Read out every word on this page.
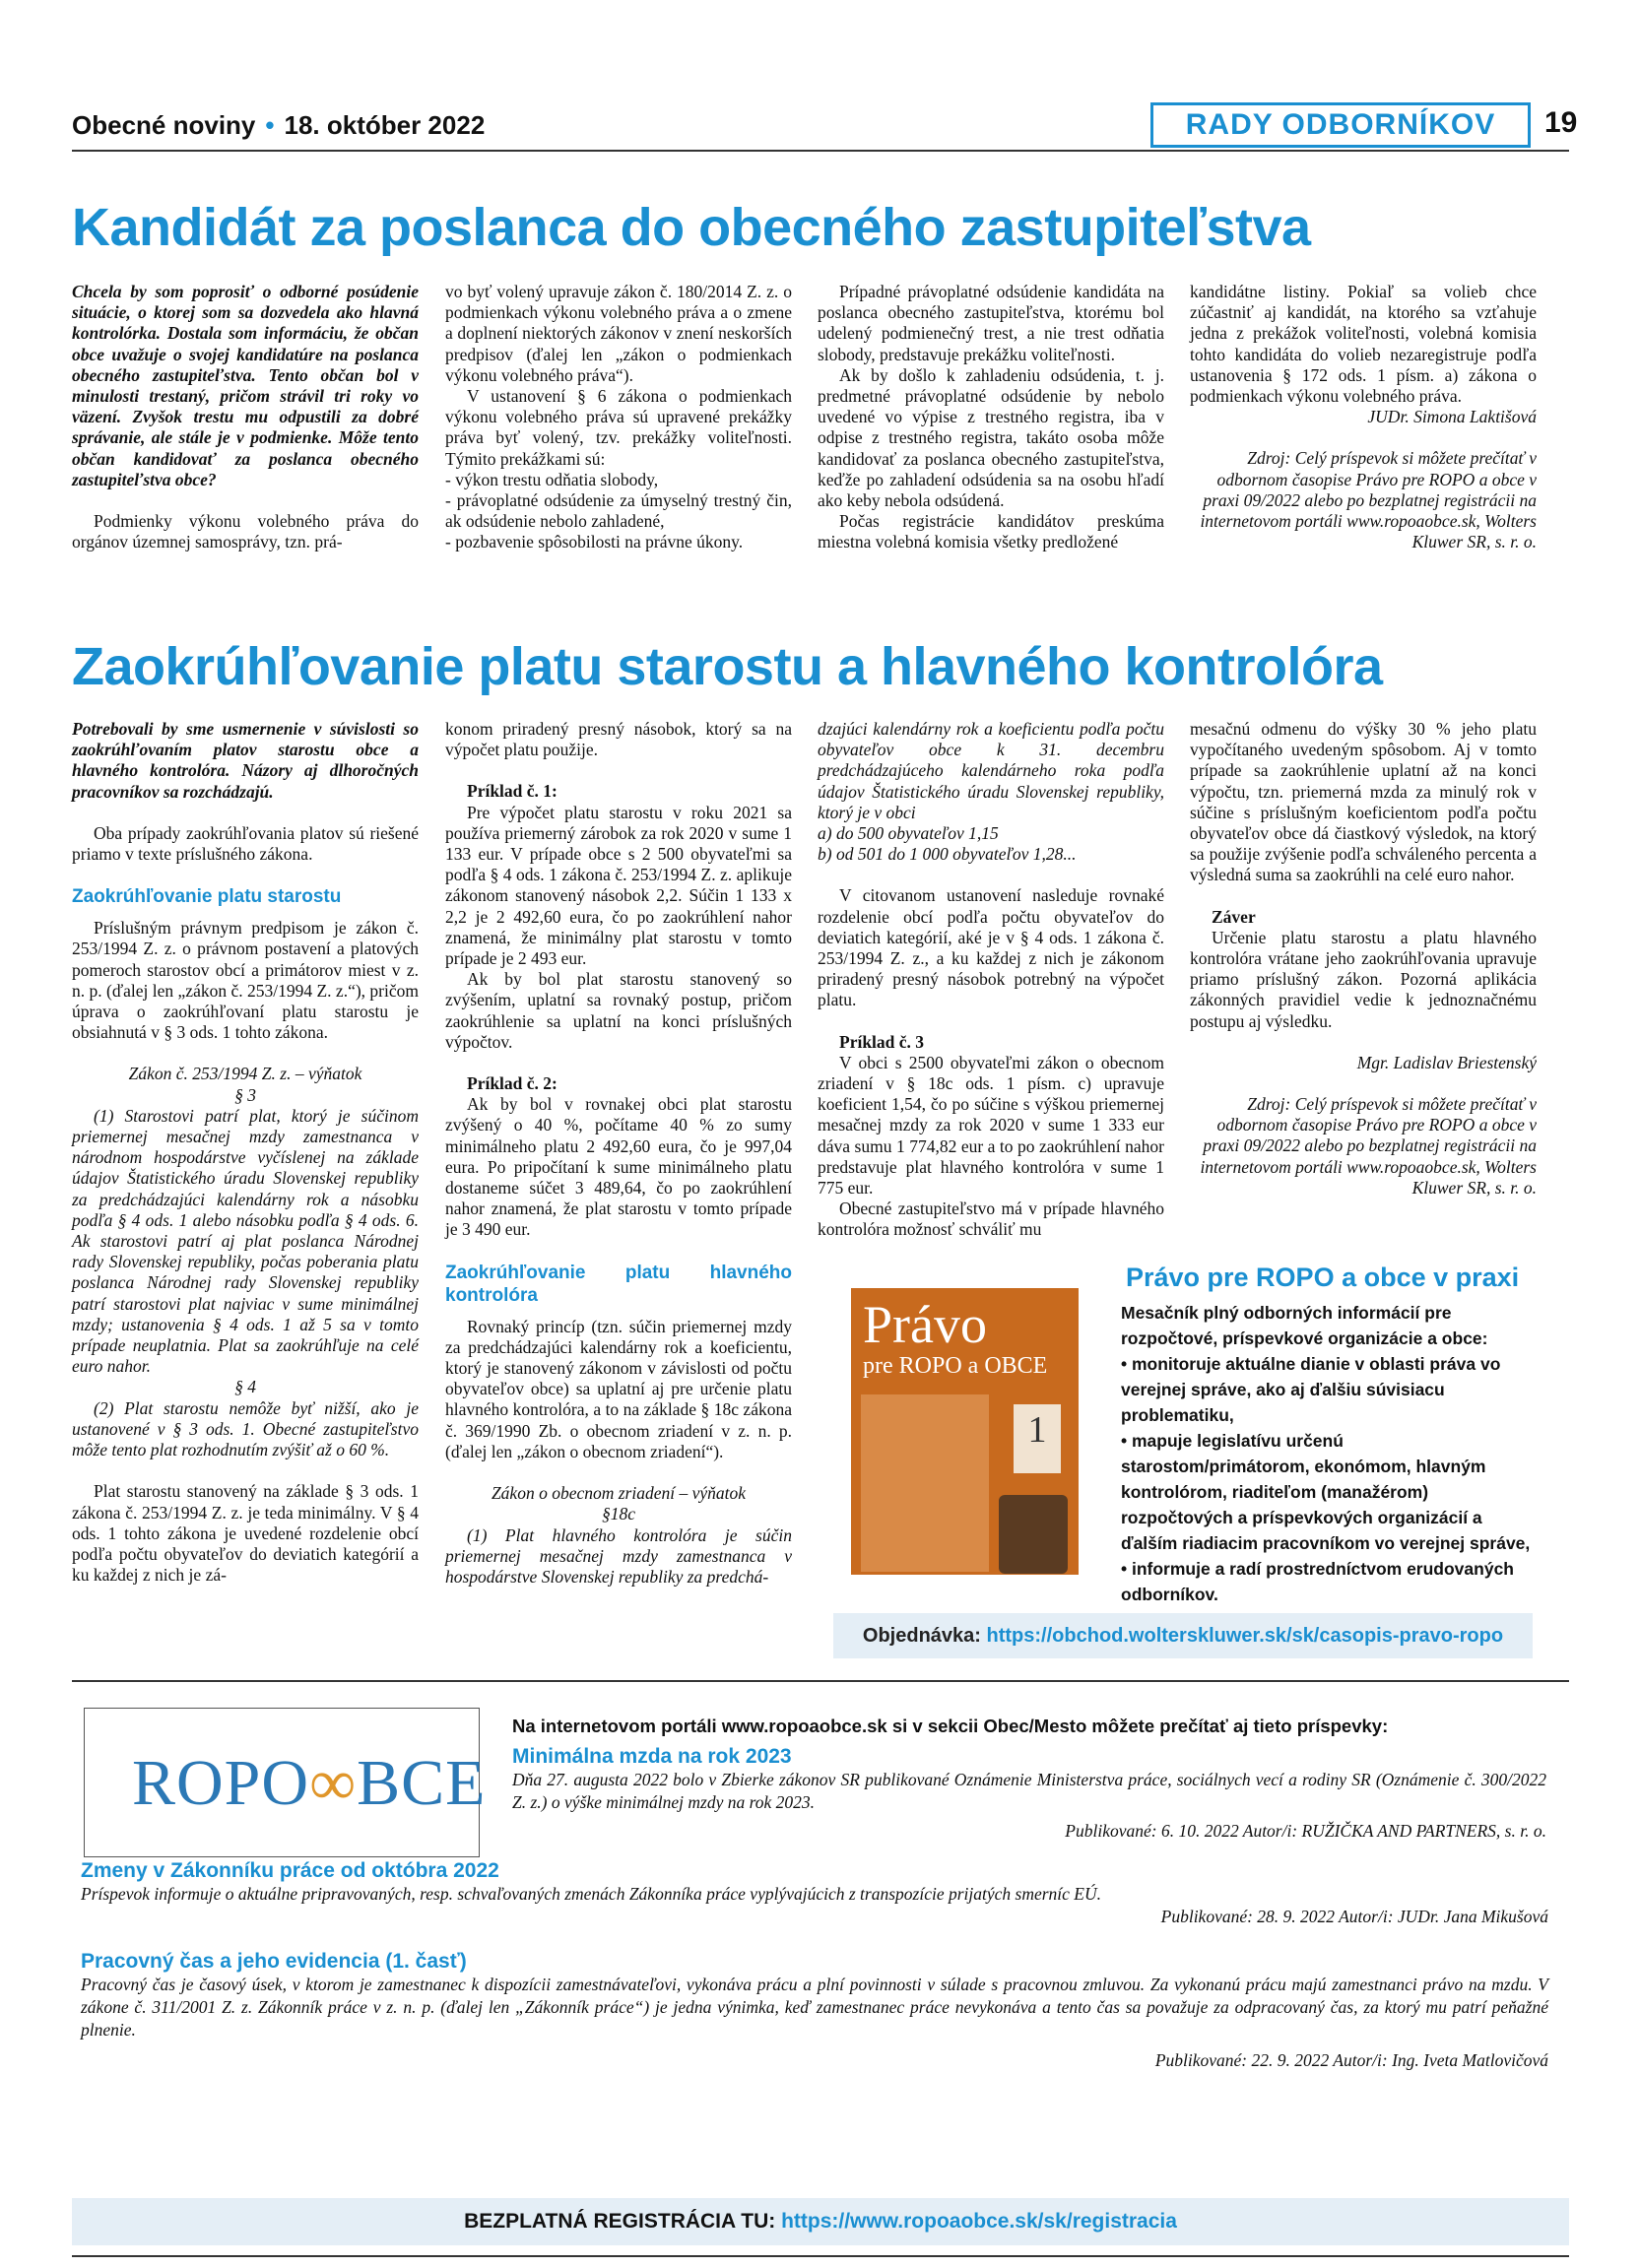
Obecné noviny • 18. október 2022	RADY ODBORNÍKOV	19
Kandidát za poslanca do obecného zastupiteľstva

Chcela by som poprosiť o odborné posúdenie situácie, o ktorej som sa dozvedela ako hlavná kontrolórka. Dostala som informáciu, že občan obce uvažuje o svojej kandidatúre na poslanca obecného zastupiteľstva. Tento občan bol v minulosti trestaný, pričom strávil tri roky vo väzení. Zvyšok trestu mu odpustili za dobré správanie, ale stále je v podmienke. Môže tento občan kandidovať za poslanca obecného zastupiteľstva obce?

Podmienky výkonu volebného práva do orgánov územnej samosprávy, tzn. prá-

vo byť volený upravuje zákon č. 180/2014 Z. z. o podmienkach výkonu volebného práva a o zmene a doplnení niektorých zákonov v znení neskorších predpisov (ďalej len „zákon o podmienkach výkonu volebného práva“).

V ustanovení § 6 zákona o podmienkach výkonu volebného práva sú upravené prekážky práva byť volený, tzv. prekážky voliteľnosti. Týmito prekážkami sú:

- výkon trestu odňatia slobody,

- právoplatné odsúdenie za úmyselný trestný čin, ak odsúdenie nebolo zahladené,

- pozbavenie spôsobilosti na právne úkony.

Prípadné právoplatné odsúdenie kandidáta na poslanca obecného zastupiteľstva, ktorému bol udelený podmienečný trest, a nie trest odňatia slobody, predstavuje prekážku voliteľnosti.

Ak by došlo k zahladeniu odsúdenia, t. j. predmetné právoplatné odsúdenie by nebolo uvedené vo výpise z trestného registra, iba v odpise z trestného registra, takáto osoba môže kandidovať za poslanca obecného zastupiteľstva, keďže po zahladení odsúdenia sa na osobu hľadí ako keby nebola odsúdená.

Počas registrácie kandidátov preskúma miestna volebná komisia všetky predložené

kandidátne listiny. Pokiaľ sa volieb chce zúčastniť aj kandidát, na ktorého sa vzťahuje jedna z prekážok voliteľnosti, volebná komisia tohto kandidáta do volieb nezaregistruje podľa ustanovenia § 172 ods. 1 písm. a) zákona o podmienkach výkonu volebného práva.

JUDr. Simona Laktišová

Zdroj: Celý príspevok si môžete prečítať v odbornom časopise Právo pre ROPO a obce v praxi 09/2022 alebo po bezplatnej registrácii na internetovom portáli www.ropoaobce.sk, Wolters Kluwer SR, s. r. o.

Zaokrúhľovanie platu starostu a hlavného kontrolóra

Potrebovali by sme usmernenie v súvislosti so zaokrúhľovaním platov starostu obce a hlavného kontrolóra. Názory aj dlhoročných pracovníkov sa rozchádzajú.

Oba prípady zaokrúhľovania platov sú riešené priamo v texte príslušného zákona.

Zaokrúhľovanie platu starostu

Príslušným právnym predpisom je zákon č. 253/1994 Z. z. o právnom postavení a platových pomeroch starostov obcí a primátorov miest v z. n. p. (ďalej len „zákon č. 253/1994 Z. z.“), pričom úprava o zaokrúhľovaní platu starostu je obsiahnutá v § 3 ods. 1 tohto zákona.

Zákon č. 253/1994 Z. z. – výňatok

§ 3

(1) Starostovi patrí plat, ktorý je súčinom priemernej mesačnej mzdy zamestnanca v národnom hospodárstve vyčíslenej na základe údajov Štatistického úradu Slovenskej republiky za predchádzajúci kalendárny rok a násobku podľa § 4 ods. 1 alebo násobku podľa § 4 ods. 6. Ak starostovi patrí aj plat poslanca Národnej rady Slovenskej republiky, počas poberania platu poslanca Národnej rady Slovenskej republiky patrí starostovi plat najviac v sume minimálnej mzdy; ustanovenia § 4 ods. 1 až 5 sa v tomto prípade neuplatnia. Plat sa zaokrúhľuje na celé euro nahor.

§ 4

(2) Plat starostu nemôže byť nižší, ako je ustanovené v § 3 ods. 1. Obecné zastupiteľstvo môže tento plat rozhodnutím zvýšiť až o 60 %.

Plat starostu stanovený na základe § 3 ods. 1 zákona č. 253/1994 Z. z. je teda minimálny. V § 4 ods. 1 tohto zákona je uvedené rozdelenie obcí podľa počtu obyvateľov do deviatich kategórií a ku každej z nich je zá-

konom priradený presný násobok, ktorý sa na výpočet platu použije.

Príklad č. 1:

Pre výpočet platu starostu v roku 2021 sa používa priemerný zárobok za rok 2020 v sume 1 133 eur. V prípade obce s 2 500 obyvateľmi sa podľa § 4 ods. 1 zákona č. 253/1994 Z. z. aplikuje zákonom stanovený násobok 2,2. Súčin 1 133 x 2,2 je 2 492,60 eura, čo po zaokrúhlení nahor znamená, že minimálny plat starostu v tomto prípade je 2 493 eur.

Ak by bol plat starostu stanovený so zvýšením, uplatní sa rovnaký postup, pričom zaokrúhlenie sa uplatní na konci príslušných výpočtov.

Príklad č. 2:

Ak by bol v rovnakej obci plat starostu zvýšený o 40 %, počítame 40 % zo sumy minimálneho platu 2 492,60 eura, čo je 997,04 eura. Po pripočítaní k sume minimálneho platu dostaneme súčet 3 489,64, čo po zaokrúhlení nahor znamená, že plat starostu v tomto prípade je 3 490 eur.

Zaokrúhľovanie platu hlavného kontrolóra

Rovnaký princíp (tzn. súčin priemernej mzdy za predchádzajúci kalendárny rok a koeficientu, ktorý je stanovený zákonom v závislosti od počtu obyvateľov obce) sa uplatní aj pre určenie platu hlavného kontrolóra, a to na základe § 18c zákona č. 369/1990 Zb. o obecnom zriadení v z. n. p. (ďalej len „zákon o obecnom zriadení“).

Zákon o obecnom zriadení – výňatok

§18c

(1) Plat hlavného kontrolóra je súčin priemernej mesačnej mzdy zamestnanca v hospodárstve Slovenskej republiky za predchá-

dzajúci kalendárny rok a koeficientu podľa počtu obyvateľov obce k 31. decembru predchádzajúceho kalendárneho roka podľa údajov Štatistického úradu Slovenskej republiky, ktorý je v obci

a) do 500 obyvateľov 1,15

b) od 501 do 1 000 obyvateľov 1,28...

V citovanom ustanovení nasleduje rovnaké rozdelenie obcí podľa počtu obyvateľov do deviatich kategórií, aké je v § 4 ods. 1 zákona č. 253/1994 Z. z., a ku každej z nich je zákonom priradený presný násobok potrebný na výpočet platu.

Príklad č. 3

V obci s 2500 obyvateľmi zákon o obecnom zriadení v § 18c ods. 1 písm. c) upravuje koeficient 1,54, čo po súčine s výškou priemernej mesačnej mzdy za rok 2020 v sume 1 333 eur dáva sumu 1 774,82 eur a to po zaokrúhlení nahor predstavuje plat hlavného kontrolóra v sume 1 775 eur.

Obecné zastupiteľstvo má v prípade hlavného kontrolóra možnosť schváliť mu

mesačnú odmenu do výšky 30 % jeho platu vypočítaného uvedeným spôsobom. Aj v tomto prípade sa zaokrúhlenie uplatní až na konci výpočtu, tzn. priemerná mzda za minulý rok v súčine s príslušným koeficientom podľa počtu obyvateľov obce dá čiastkový výsledok, na ktorý sa použije zvýšenie podľa schváleného percenta a výsledná suma sa zaokrúhli na celé euro nahor.

Záver

Určenie platu starostu a platu hlavného kontrolóra vrátane jeho zaokrúhľovania upravuje priamo príslušný zákon. Pozorná aplikácia zákonných pravidiel vedie k jednoznačnému postupu aj výsledku.

Mgr. Ladislav Briestenský

Zdroj: Celý príspevok si môžete prečítať v odbornom časopise Právo pre ROPO a obce v praxi 09/2022 alebo po bezplatnej registrácii na internetovom portáli www.ropoaobce.sk, Wolters Kluwer SR, s. r. o.

Právo
pre ROPO a OBCE
1
Právo pre ROPO a obce v praxi
Mesačník plný odborných informácií pre rozpočtové, príspevkové organizácie a obce:
• monitoruje aktuálne dianie v oblasti práva vo verejnej správe, ako aj ďalšiu súvisiacu problematiku,
• mapuje legislatívu určenú starostom/primátorom, ekonómom, hlavným kontrolórom, riaditeľom (manažérom) rozpočtových a príspevkových organizácií a ďalším riadiacim pracovníkom vo verejnej správe,
• informuje a radí prostredníctvom erudovaných odborníkov.
Objednávka: https://obchod.wolterskluwer.sk/sk/casopis-pravo-ropo
ROPO∞BCE
Na internetovom portáli www.ropoaobce.sk si v sekcii Obec/Mesto môžete prečítať aj tieto príspevky:
Minimálna mzda na rok 2023
Dňa 27. augusta 2022 bolo v Zbierke zákonov SR publikované Oznámenie Ministerstva práce, sociálnych vecí a rodiny SR (Oznámenie č. 300/2022 Z. z.) o výške minimálnej mzdy na rok 2023.
Publikované: 6. 10. 2022 Autor/i: RUŽIČKA AND PARTNERS, s. r. o.
Zmeny v Zákonníku práce od októbra 2022
Príspevok informuje o aktuálne pripravovaných, resp. schvaľovaných zmenách Zákonníka práce vyplývajúcich z transpozície prijatých smerníc EÚ.
Publikované: 28. 9. 2022 Autor/i: JUDr. Jana Mikušová
Pracovný čas a jeho evidencia (1. časť)
Pracovný čas je časový úsek, v ktorom je zamestnanec k dispozícii zamestnávateľovi, vykonáva prácu a plní povinnosti v súlade s pracovnou zmluvou. Za vykonanú prácu majú zamestnanci právo na mzdu. V zákone č. 311/2001 Z. z. Zákonník práce v z. n. p. (ďalej len „Zákonník práce“) je jedna výnimka, keď zamestnanec práce nevykonáva a tento čas sa považuje za odpracovaný čas, za ktorý mu patrí peňažné plnenie.
Publikované: 22. 9. 2022 Autor/i: Ing. Iveta Matlovičová
BEZPLATNÁ REGISTRÁCIA TU: https://www.ropoaobce.sk/sk/registracia
